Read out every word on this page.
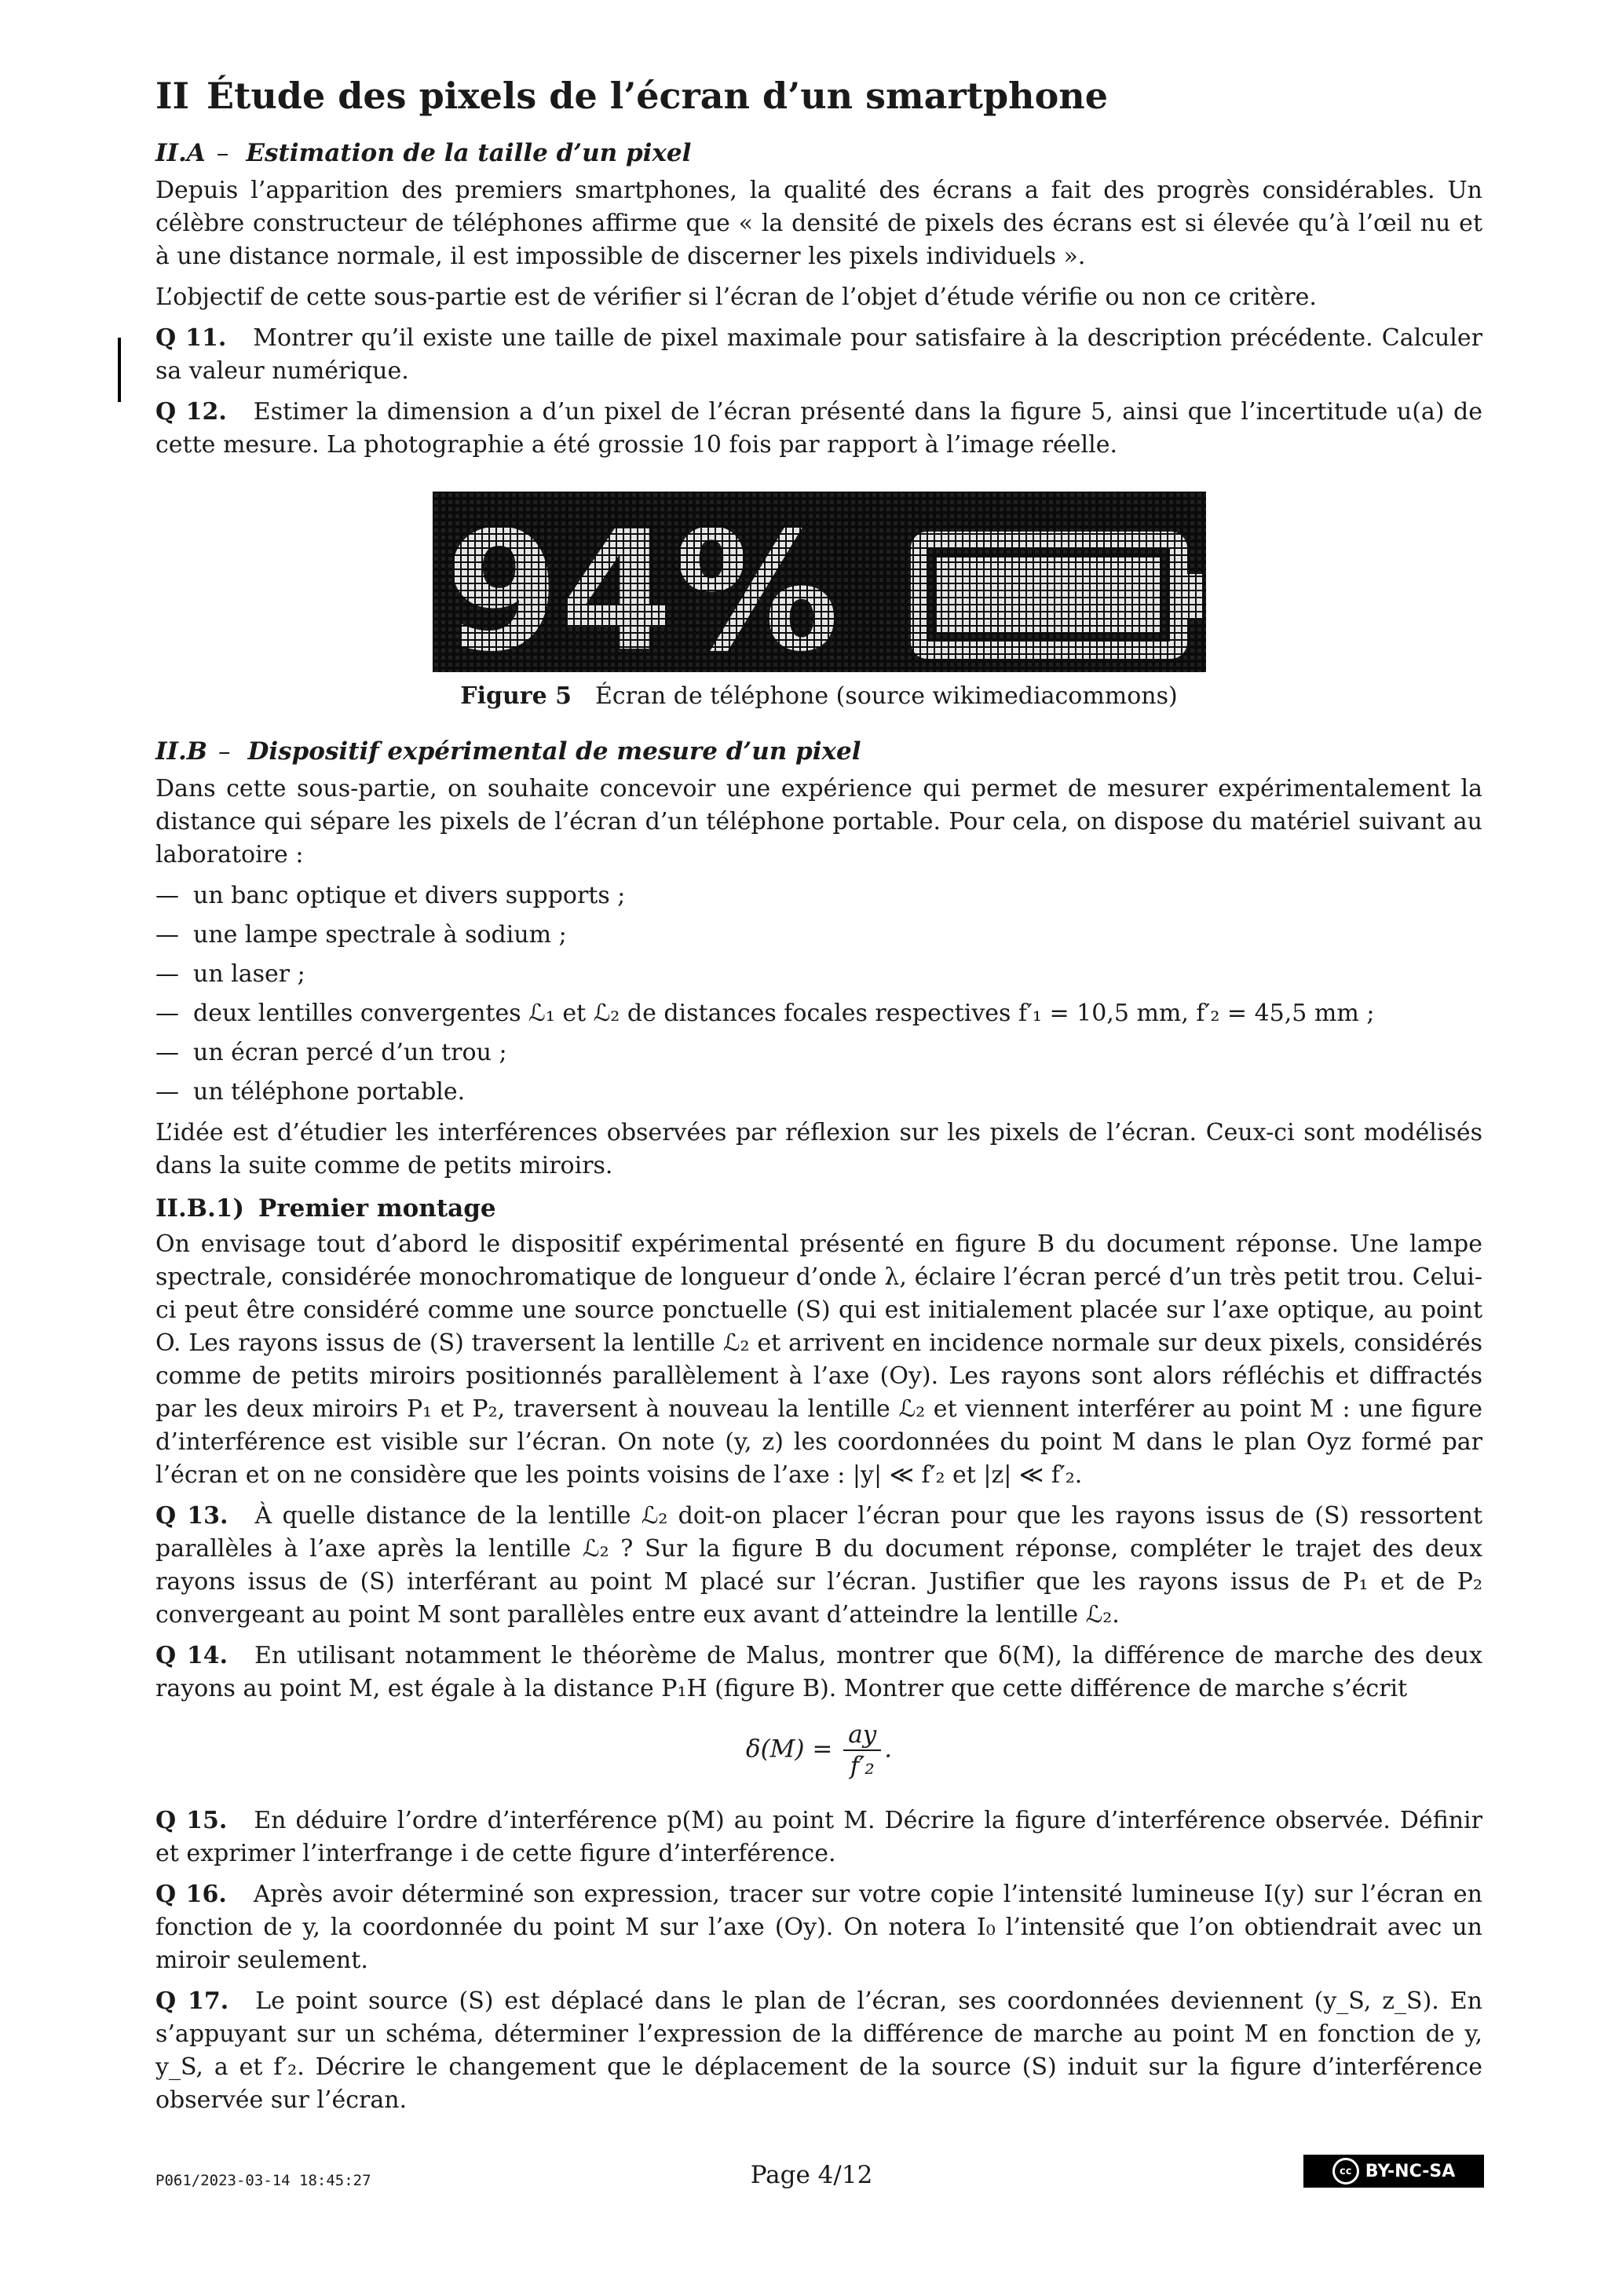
II Étude des pixels de l’écran d’un smartphone
II.A – Estimation de la taille d’un pixel

Depuis l’apparition des premiers smartphones, la qualité des écrans a fait des progrès considérables. Un célèbre constructeur de téléphones affirme que « la densité de pixels des écrans est si élevée qu’à l’œil nu et à une distance normale, il est impossible de discerner les pixels individuels ».

L’objectif de cette sous-partie est de vérifier si l’écran de l’objet d’étude vérifie ou non ce critère.

Q 11. Montrer qu’il existe une taille de pixel maximale pour satisfaire à la description précédente. Calculer sa valeur numérique.

Q 12. Estimer la dimension a d’un pixel de l’écran présenté dans la figure 5, ainsi que l’incertitude u(a) de cette mesure. La photographie a été grossie 10 fois par rapport à l’image réelle.

94%
Figure 5 Écran de téléphone (source wikimediacommons)
II.B – Dispositif expérimental de mesure d’un pixel

Dans cette sous-partie, on souhaite concevoir une expérience qui permet de mesurer expérimentalement la distance qui sépare les pixels de l’écran d’un téléphone portable. Pour cela, on dispose du matériel suivant au laboratoire :

— un banc optique et divers supports ;
— une lampe spectrale à sodium ;
— un laser ;
— deux lentilles convergentes ℒ₁ et ℒ₂ de distances focales respectives f′₁ = 10,5 mm, f′₂ = 45,5 mm ;
— un écran percé d’un trou ;
— un téléphone portable.

L’idée est d’étudier les interférences observées par réflexion sur les pixels de l’écran. Ceux-ci sont modélisés dans la suite comme de petits miroirs.

II.B.1) Premier montage

On envisage tout d’abord le dispositif expérimental présenté en figure B du document réponse. Une lampe spectrale, considérée monochromatique de longueur d’onde λ, éclaire l’écran percé d’un très petit trou. Celui-ci peut être considéré comme une source ponctuelle (S) qui est initialement placée sur l’axe optique, au point O. Les rayons issus de (S) traversent la lentille ℒ₂ et arrivent en incidence normale sur deux pixels, considérés comme de petits miroirs positionnés parallèlement à l’axe (Oy). Les rayons sont alors réfléchis et diffractés par les deux miroirs P₁ et P₂, traversent à nouveau la lentille ℒ₂ et viennent interférer au point M : une figure d’interférence est visible sur l’écran. On note (y, z) les coordonnées du point M dans le plan Oyz formé par l’écran et on ne considère que les points voisins de l’axe : |y| ≪ f′₂ et |z| ≪ f′₂.

Q 13. À quelle distance de la lentille ℒ₂ doit-on placer l’écran pour que les rayons issus de (S) ressortent parallèles à l’axe après la lentille ℒ₂ ? Sur la figure B du document réponse, compléter le trajet des deux rayons issus de (S) interférant au point M placé sur l’écran. Justifier que les rayons issus de P₁ et de P₂ convergeant au point M sont parallèles entre eux avant d’atteindre la lentille ℒ₂.

Q 14. En utilisant notamment le théorème de Malus, montrer que δ(M), la différence de marche des deux rayons au point M, est égale à la distance P₁H (figure B). Montrer que cette différence de marche s’écrit

$\delta(M) = \frac{ay}{\text{f′₂}}$ .

Q 15. En déduire l’ordre d’interférence p(M) au point M. Décrire la figure d’interférence observée. Définir et exprimer l’interfrange i de cette figure d’interférence.

Q 16. Après avoir déterminé son expression, tracer sur votre copie l’intensité lumineuse I(y) sur l’écran en fonction de y, la coordonnée du point M sur l’axe (Oy). On notera I₀ l’intensité que l’on obtiendrait avec un miroir seulement.

Q 17. Le point source (S) est déplacé dans le plan de l’écran, ses coordonnées deviennent (y_S, z_S). En s’appuyant sur un schéma, déterminer l’expression de la différence de marche au point M en fonction de y, y_S, a et f′₂. Décrire le changement que le déplacement de la source (S) induit sur la figure d’interférence observée sur l’écran.

P061/2023-03-14 18:45:27	Page 4/12	cc BY-NC-SA
